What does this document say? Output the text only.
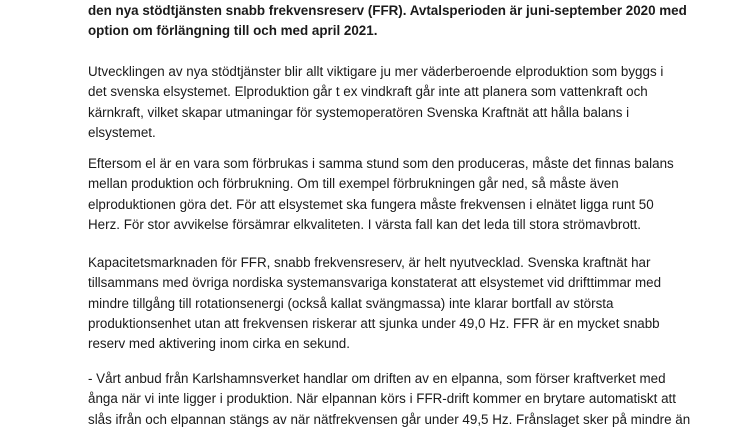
den nya stödtjänsten snabb frekvensreserv (FFR). Avtalsperioden är juni-september 2020 med
option om förlängning till och med april 2021.

Utvecklingen av nya stödtjänster blir allt viktigare ju mer väderberoende elproduktion som byggs i
det svenska elsystemet. Elproduktion går t ex vindkraft går inte att planera som vattenkraft och
kärnkraft, vilket skapar utmaningar för systemoperatören Svenska Kraftnät att hålla balans i
elsystemet.

Eftersom el är en vara som förbrukas i samma stund som den produceras, måste det finnas balans
mellan produktion och förbrukning. Om till exempel förbrukningen går ned, så måste även
elproduktionen göra det. För att elsystemet ska fungera måste frekvensen i elnätet ligga runt 50
Herz. För stor avvikelse försämrar elkvaliteten. I värsta fall kan det leda till stora strömavbrott.

Kapacitetsmarknaden för FFR, snabb frekvensreserv, är helt nyutvecklad. Svenska kraftnät har
tillsammans med övriga nordiska systemansvariga konstaterat att elsystemet vid drifttimmar med
mindre tillgång till rotationsenergi (också kallat svängmassa) inte klarar bortfall av största
produktionsenhet utan att frekvensen riskerar att sjunka under 49,0 Hz. FFR är en mycket snabb
reserv med aktivering inom cirka en sekund.

- Vårt anbud från Karlshamnsverket handlar om driften av en elpanna, som förser kraftverket med
ånga när vi inte ligger i produktion. När elpannan körs i FFR-drift kommer en brytare automatiskt att
slås ifrån och elpannan stängs av när nätfrekvensen går under 49,5 Hz. Frånslaget sker på mindre än
